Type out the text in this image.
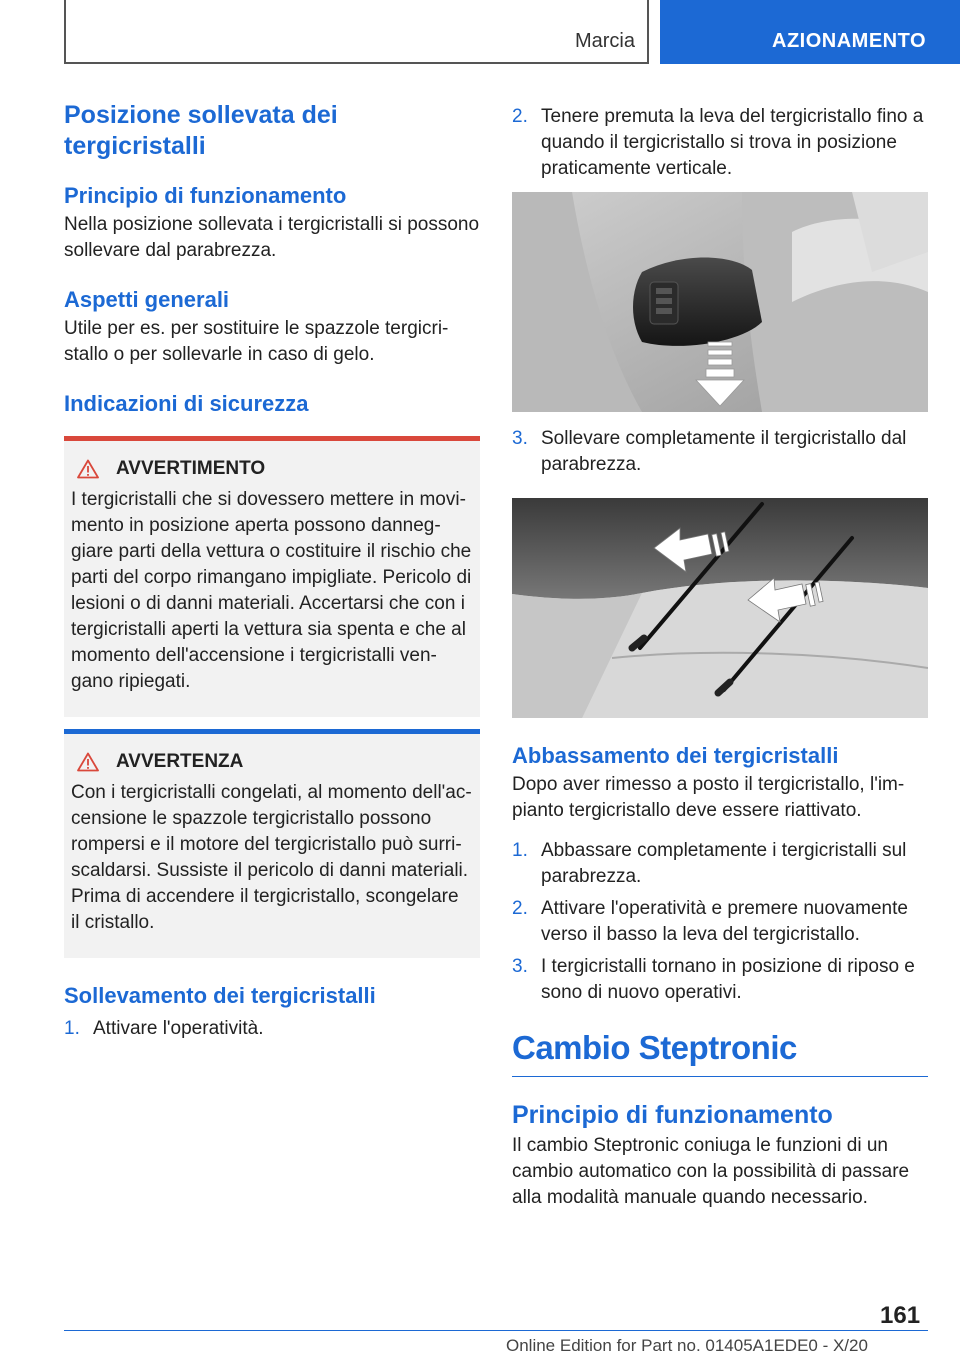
Marcia	AZIONAMENTO
Posizione sollevata dei tergicristalli
Principio di funzionamento
Nella posizione sollevata i tergicristalli si possono sollevare dal parabrezza.
Aspetti generali
Utile per es. per sostituire le spazzole tergicri‐stallo o per sollevarle in caso di gelo.
Indicazioni di sicurezza
AVVERTIMENTO
I tergicristalli che si dovessero mettere in movi‐mento in posizione aperta possono danneg‐giare parti della vettura o costituire il rischio che parti del corpo rimangano impigliate. Pericolo di lesioni o di danni materiali. Accertarsi che con i tergicristalli aperti la vettura sia spenta e che al momento dell'accensione i tergicristalli ven‐gano ripiegati.
AVVERTENZA
Con i tergicristalli congelati, al momento dell'ac‐censione le spazzole tergicristallo possono rompersi e il motore del tergicristallo può surri‐scaldarsi. Sussiste il pericolo di danni materiali. Prima di accendere il tergicristallo, scongelare il cristallo.
Sollevamento dei tergicristalli
1. Attivare l'operatività.
2. Tenere premuta la leva del tergicristallo fino a quando il tergicristallo si trova in posizione praticamente verticale.
3. Sollevare completamente il tergicristallo dal parabrezza.
Abbassamento dei tergicristalli
Dopo aver rimesso a posto il tergicristallo, l'im‐pianto tergicristallo deve essere riattivato.
1. Abbassare completamente i tergicristalli sul parabrezza.
2. Attivare l'operatività e premere nuovamente verso il basso la leva del tergicristallo.
3. I tergicristalli tornano in posizione di riposo e sono di nuovo operativi.
Cambio Steptronic
Principio di funzionamento
Il cambio Steptronic coniuga le funzioni di un cambio automatico con la possibilità di passare alla modalità manuale quando necessario.
161
Online Edition for Part no. 01405A1EDE0 - X/20
